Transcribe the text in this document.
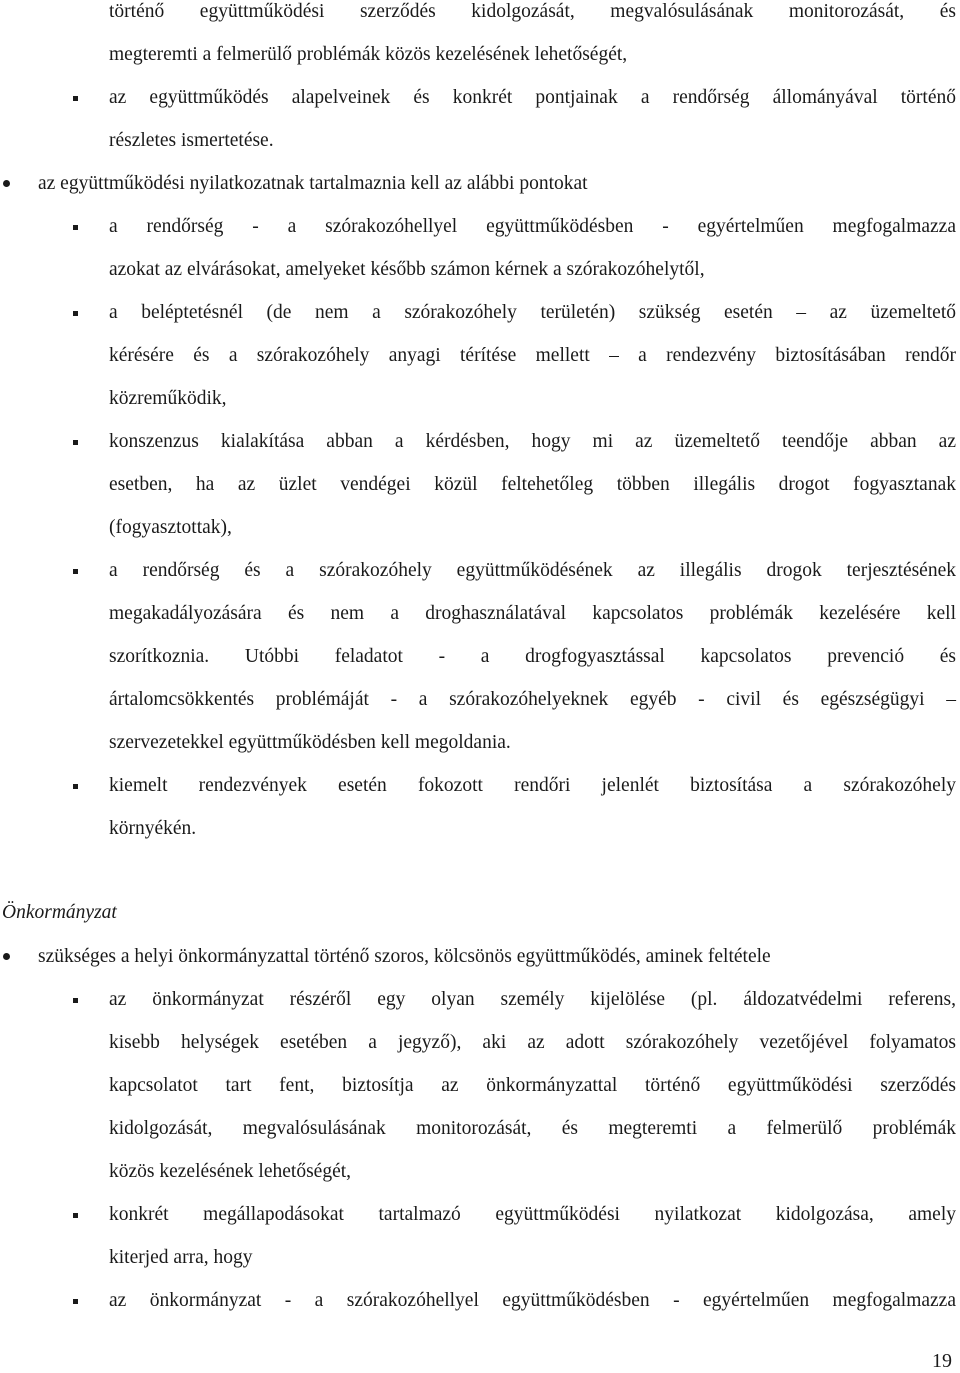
történő együttműködési szerződés kidolgozását, megvalósulásának monitorozását, és
megteremti a felmerülő problémák közös kezelésének lehetőségét,
az együttműködés alapelveinek és konkrét pontjainak a rendőrség állományával történő
részletes ismertetése.
az együttműködési nyilatkozatnak tartalmaznia kell az alábbi pontokat
a rendőrség - a szórakozóhellyel együttműködésben - egyértelműen megfogalmazza
azokat az elvárásokat, amelyeket később számon kérnek a szórakozóhelytől,
a beléptetésnél (de nem a szórakozóhely területén) szükség esetén – az üzemeltető
kérésére és a szórakozóhely anyagi térítése mellett – a rendezvény biztosításában rendőr
közreműködik,
konszenzus kialakítása abban a kérdésben, hogy mi az üzemeltető teendője abban az
esetben, ha az üzlet vendégei közül feltehetőleg többen illegális drogot fogyasztanak
(fogyasztottak),
a rendőrség és a szórakozóhely együttműködésének az illegális drogok terjesztésének
megakadályozására és nem a droghasználatával kapcsolatos problémák kezelésére kell
szorítkoznia. Utóbbi feladatot - a drogfogyasztással kapcsolatos prevenció és
ártalomcsökkentés problémáját - a szórakozóhelyeknek egyéb - civil és egészségügyi –
szervezetekkel együttműködésben kell megoldania.
kiemelt rendezvények esetén fokozott rendőri jelenlét biztosítása a szórakozóhely
környékén.
Önkormányzat
szükséges a helyi önkormányzattal történő szoros, kölcsönös együttműködés, aminek feltétele
az önkormányzat részéről egy olyan személy kijelölése (pl. áldozatvédelmi referens,
kisebb helységek esetében a jegyző), aki az adott szórakozóhely vezetőjével folyamatos
kapcsolatot tart fent, biztosítja az önkormányzattal történő együttműködési szerződés
kidolgozását, megvalósulásának monitorozását, és megteremti a felmerülő problémák
közös kezelésének lehetőségét,
konkrét megállapodásokat tartalmazó együttműködési nyilatkozat kidolgozása, amely
kiterjed arra, hogy
az önkormányzat - a szórakozóhellyel együttműködésben - egyértelműen megfogalmazza
19
